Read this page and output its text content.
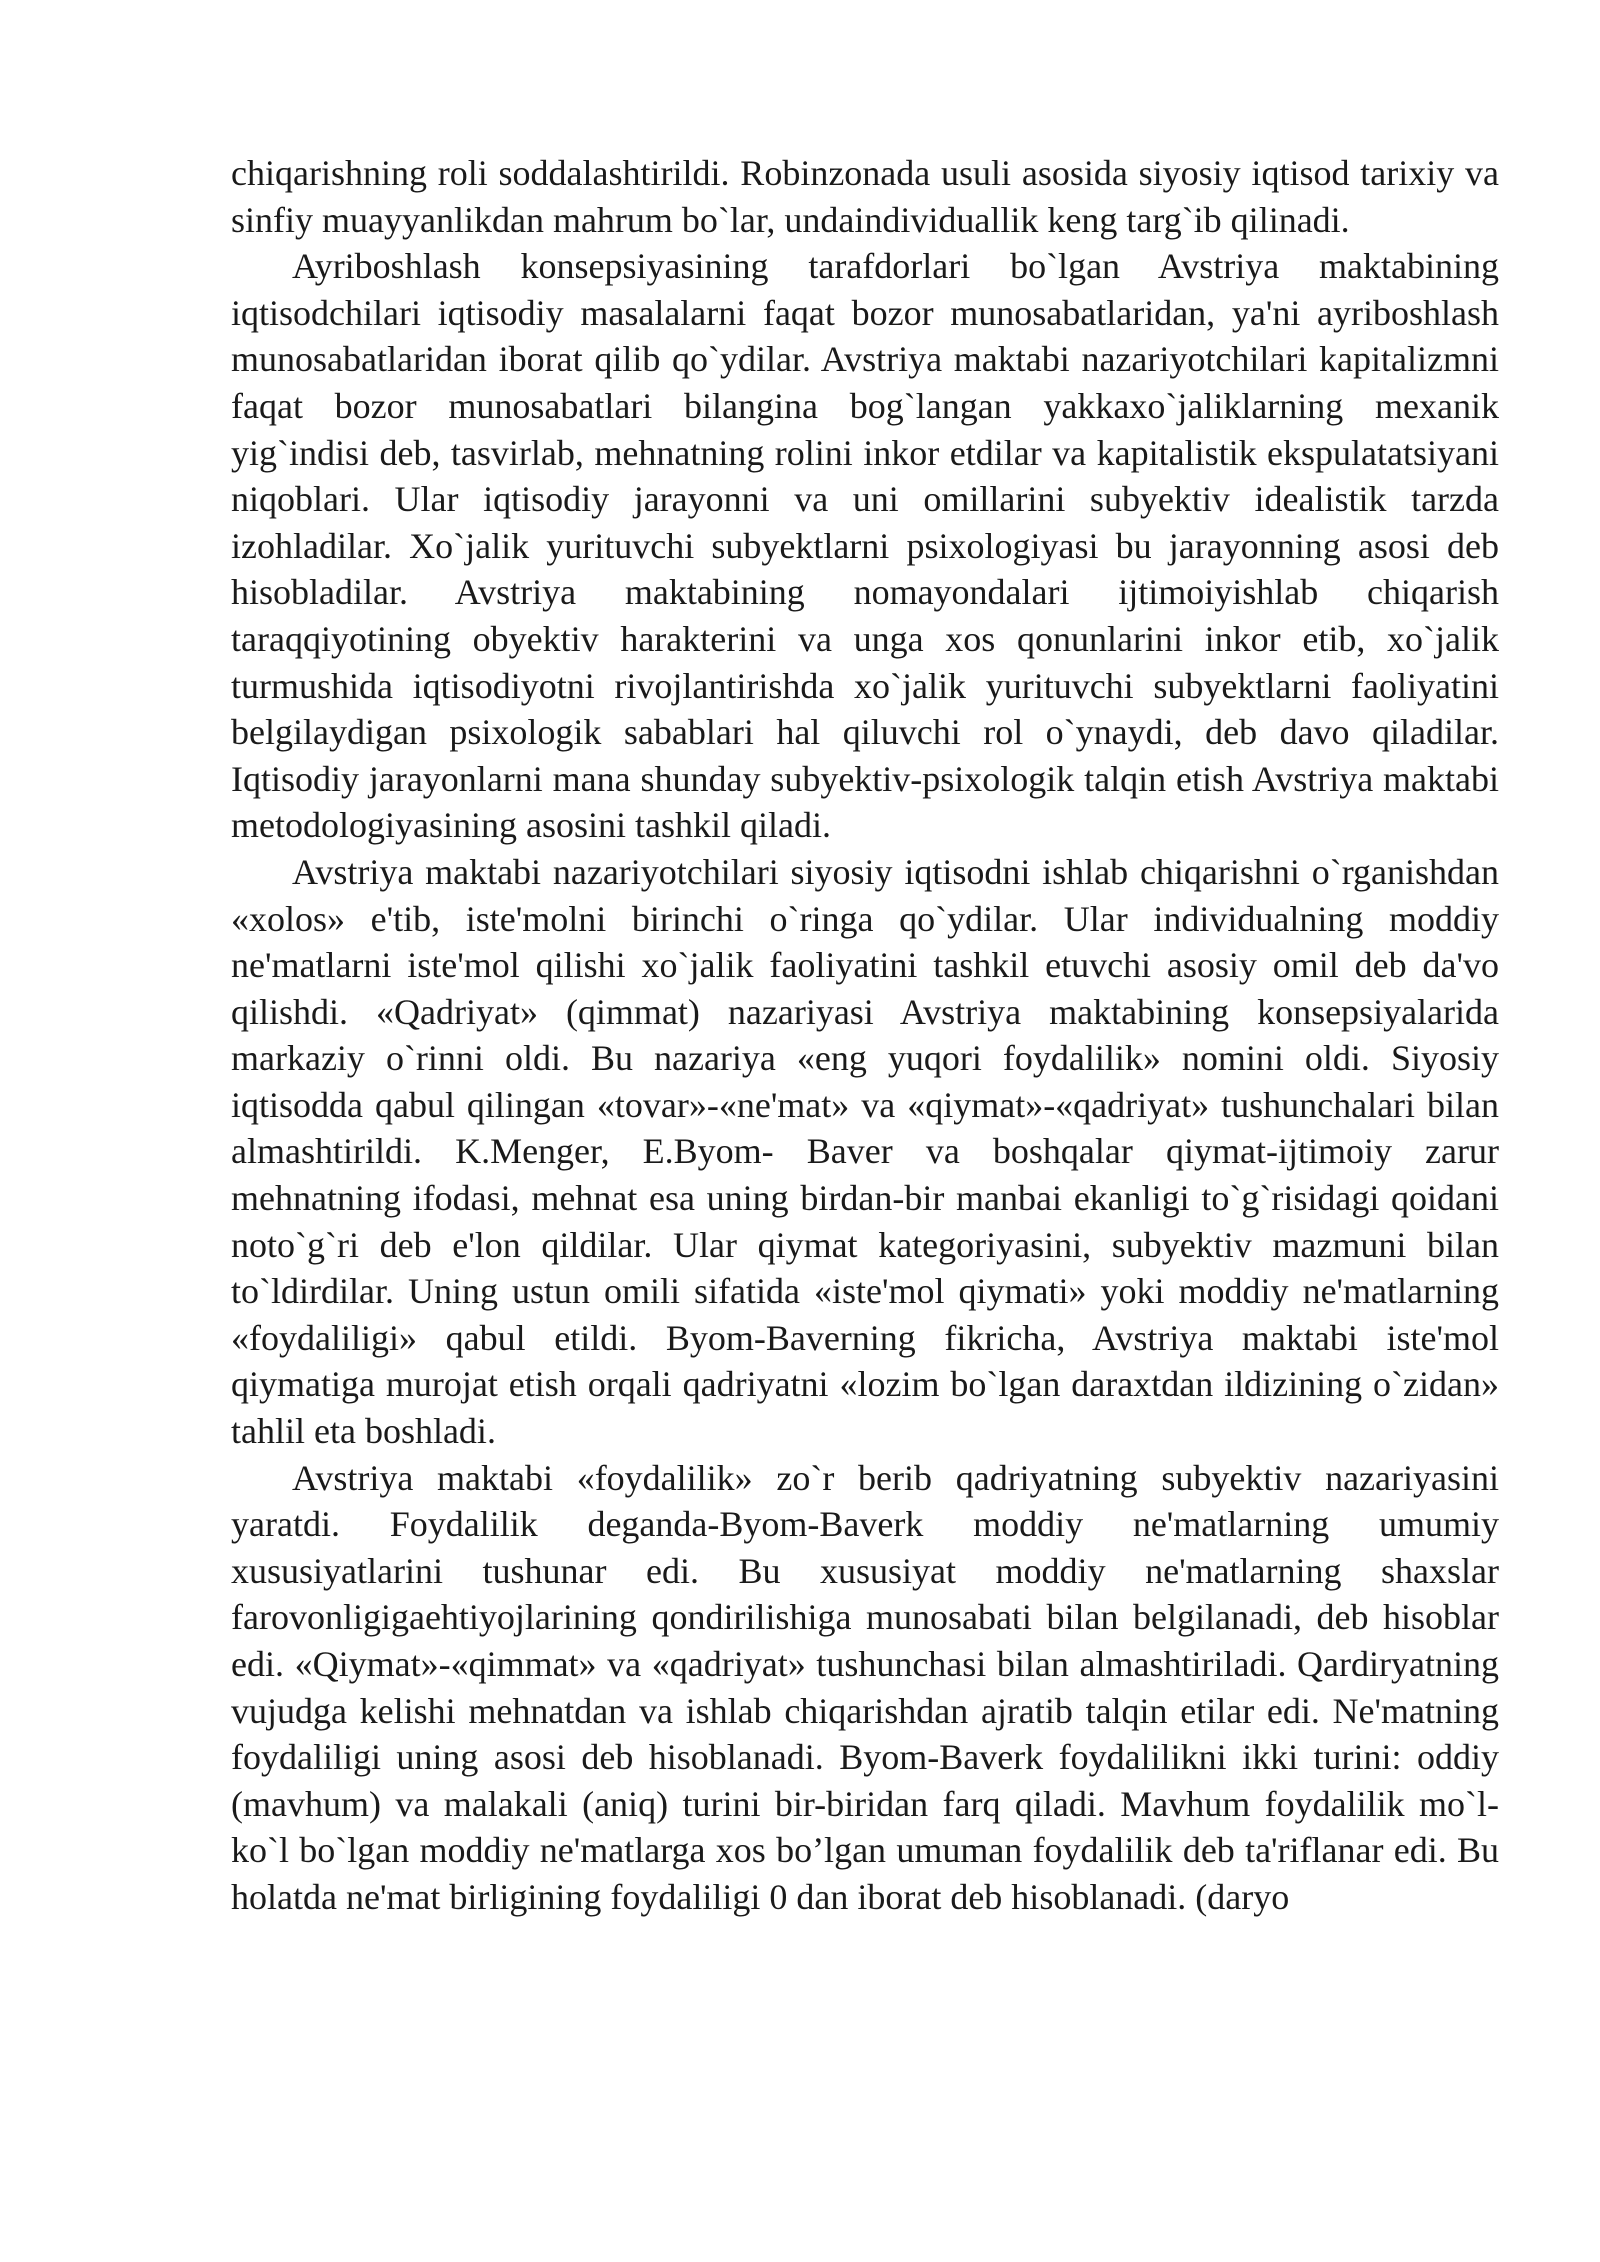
chiqarishning roli soddalashtirildi. Robinzonada usuli asosida siyosiy iqtisod tarixiy va sinfiy muayyanlikdan mahrum bo`lar, undaindividuallik keng targ`ib qilinadi.

Ayriboshlash konsepsiyasining tarafdorlari bo`lgan Avstriya maktabining iqtisodchilari iqtisodiy masalalarni faqat bozor munosabatlaridan, ya'ni ayriboshlash munosabatlaridan iborat qilib qo`ydilar. Avstriya maktabi nazariyotchilari kapitalizmni faqat bozor munosabatlari bilangina bog`langan yakkaxo`jaliklarning mexanik yig`indisi deb, tasvirlab, mehnatning rolini inkor etdilar va kapitalistik ekspulatatsiyani niqoblari. Ular iqtisodiy jarayonni va uni omillarini subyektiv idealistik tarzda izohladilar. Xo`jalik yurituvchi subyektlarni psixologiyasi bu jarayonning asosi deb hisobladilar. Avstriya maktabining nomayondalari ijtimoiyishlab chiqarish taraqqiyotining obyektiv harakterini va unga xos qonunlarini inkor etib, xo`jalik turmushida iqtisodiyotni rivojlantirishda xo`jalik yurituvchi subyektlarni faoliyatini belgilaydigan psixologik sabablari hal qiluvchi rol o`ynaydi, deb davo qiladilar. Iqtisodiy jarayonlarni mana shunday subyektiv-psixologik talqin etish Avstriya maktabi metodologiyasining asosini tashkil qiladi.

Avstriya maktabi nazariyotchilari siyosiy iqtisodni ishlab chiqarishni o`rganishdan «xolos» e'tib, iste'molni birinchi o`ringa qo`ydilar. Ular individualning moddiy ne'matlarni iste'mol qilishi xo`jalik faoliyatini tashkil etuvchi asosiy omil deb da'vo qilishdi. «Qadriyat» (qimmat) nazariyasi Avstriya maktabining konsepsiyalarida markaziy o`rinni oldi. Bu nazariya «eng yuqori foydalilik» nomini oldi. Siyosiy iqtisodda qabul qilingan «tovar»-«ne'mat» va «qiymat»-«qadriyat» tushunchalari bilan almashtirildi. K.Menger, E.Byom- Baver va boshqalar qiymat-ijtimoiy zarur mehnatning ifodasi, mehnat esa uning birdan-bir manbai ekanligi to`g`risidagi qoidani noto`g`ri deb e'lon qildilar. Ular qiymat kategoriyasini, subyektiv mazmuni bilan to`ldirdilar. Uning ustun omili sifatida «iste'mol qiymati» yoki moddiy ne'matlarning «foydaliligi» qabul etildi. Byom-Baverning fikricha, Avstriya maktabi iste'mol qiymatiga murojat etish orqali qadriyatni «lozim bo`lgan daraxtdan ildizining o`zidan» tahlil eta boshladi.

Avstriya maktabi «foydalilik» zo`r berib qadriyatning subyektiv nazariyasini yaratdi. Foydalilik deganda-Byom-Baverk moddiy ne'matlarning umumiy xususiyatlarini tushunar edi. Bu xususiyat moddiy ne'matlarning shaxslar farovonligigaehtiyojlarining qondirilishiga munosabati bilan belgilanadi, deb hisoblar edi. «Qiymat»-«qimmat» va «qadriyat» tushunchasi bilan almashtiriladi. Qardiryatning vujudga kelishi mehnatdan va ishlab chiqarishdan ajratib talqin etilar edi. Ne'matning foydaliligi uning asosi deb hisoblanadi. Byom-Baverk foydalilikni ikki turini: oddiy (mavhum) va malakali (aniq) turini bir-biridan farq qiladi. Mavhum foydalilik mo`l-ko`l bo`lgan moddiy ne'matlarga xos bo’lgan umuman foydalilik deb ta'riflanar edi. Bu holatda ne'mat birligining foydaliligi 0 dan iborat deb hisoblanadi. (daryo
